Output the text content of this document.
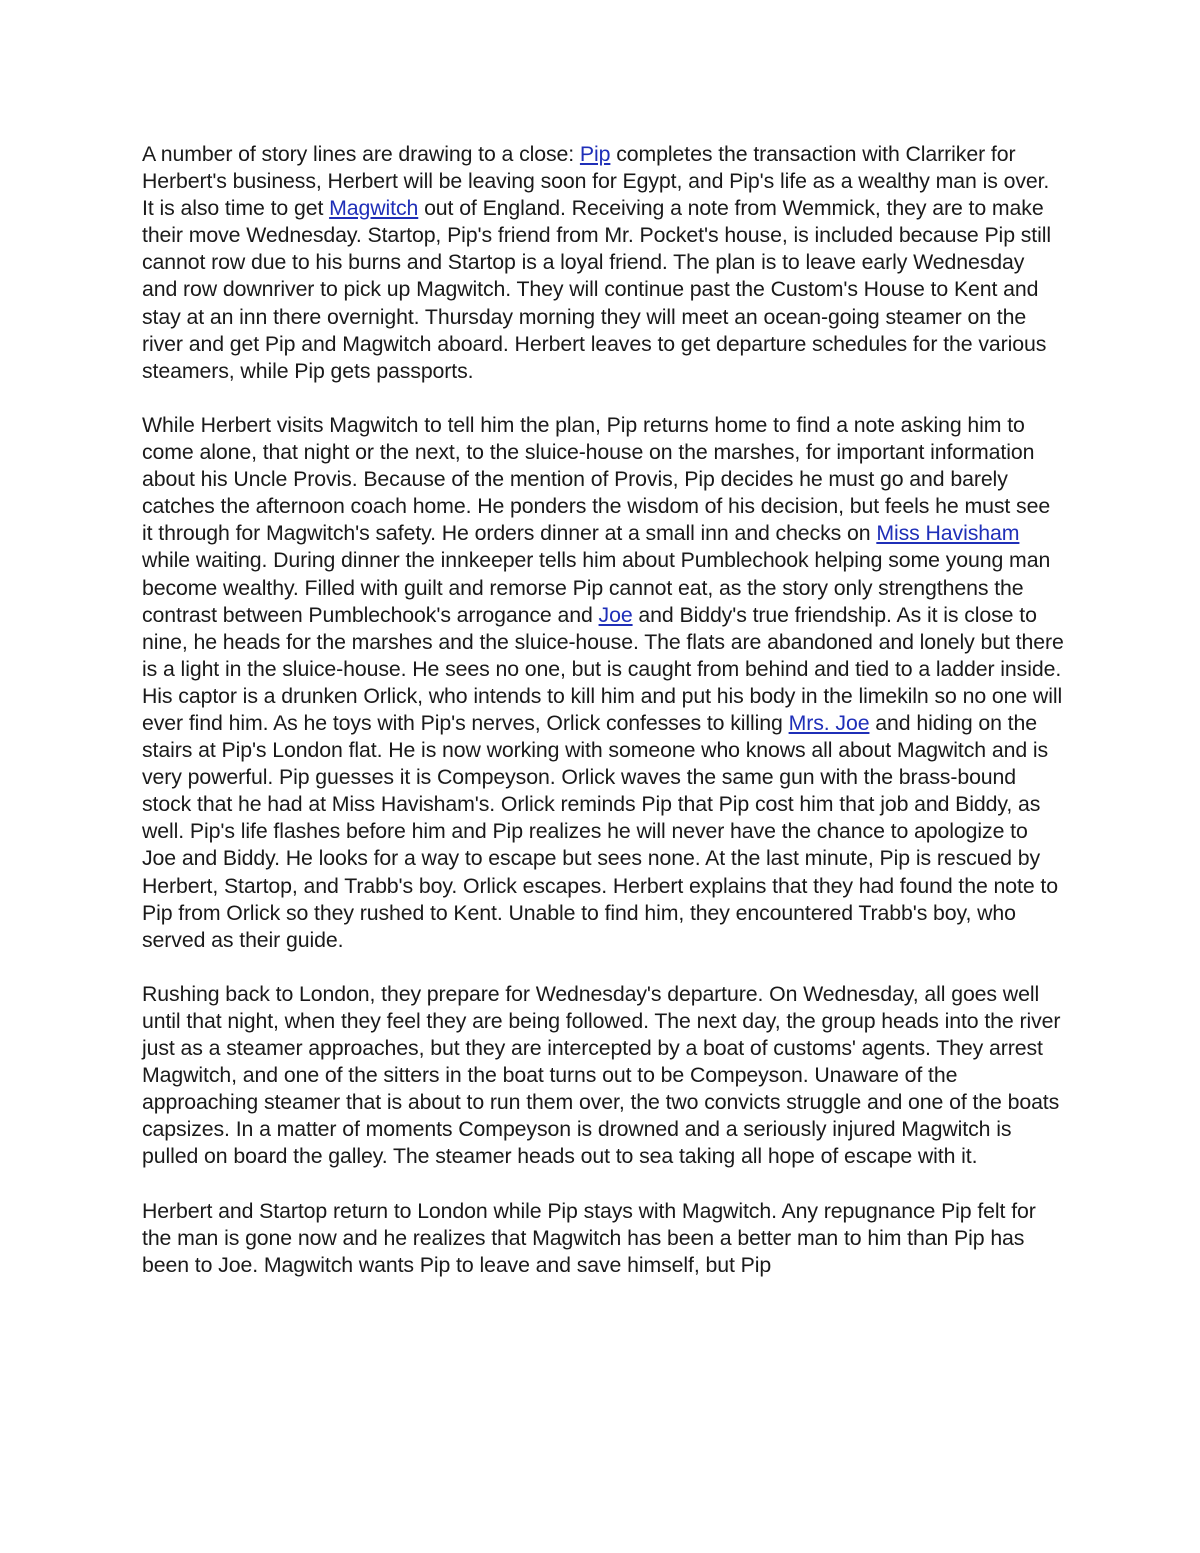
A number of story lines are drawing to a close: Pip completes the transaction with Clarriker for Herbert's business, Herbert will be leaving soon for Egypt, and Pip's life as a wealthy man is over. It is also time to get Magwitch out of England. Receiving a note from Wemmick, they are to make their move Wednesday. Startop, Pip's friend from Mr. Pocket's house, is included because Pip still cannot row due to his burns and Startop is a loyal friend. The plan is to leave early Wednesday and row downriver to pick up Magwitch. They will continue past the Custom's House to Kent and stay at an inn there overnight. Thursday morning they will meet an ocean-going steamer on the river and get Pip and Magwitch aboard. Herbert leaves to get departure schedules for the various steamers, while Pip gets passports.

While Herbert visits Magwitch to tell him the plan, Pip returns home to find a note asking him to come alone, that night or the next, to the sluice-house on the marshes, for important information about his Uncle Provis. Because of the mention of Provis, Pip decides he must go and barely catches the afternoon coach home. He ponders the wisdom of his decision, but feels he must see it through for Magwitch's safety. He orders dinner at a small inn and checks on Miss Havisham while waiting. During dinner the innkeeper tells him about Pumblechook helping some young man become wealthy. Filled with guilt and remorse Pip cannot eat, as the story only strengthens the contrast between Pumblechook's arrogance and Joe and Biddy's true friendship. As it is close to nine, he heads for the marshes and the sluice-house. The flats are abandoned and lonely but there is a light in the sluice-house. He sees no one, but is caught from behind and tied to a ladder inside. His captor is a drunken Orlick, who intends to kill him and put his body in the limekiln so no one will ever find him. As he toys with Pip's nerves, Orlick confesses to killing Mrs. Joe and hiding on the stairs at Pip's London flat. He is now working with someone who knows all about Magwitch and is very powerful. Pip guesses it is Compeyson. Orlick waves the same gun with the brass-bound stock that he had at Miss Havisham's. Orlick reminds Pip that Pip cost him that job and Biddy, as well. Pip's life flashes before him and Pip realizes he will never have the chance to apologize to Joe and Biddy. He looks for a way to escape but sees none. At the last minute, Pip is rescued by Herbert, Startop, and Trabb's boy. Orlick escapes. Herbert explains that they had found the note to Pip from Orlick so they rushed to Kent. Unable to find him, they encountered Trabb's boy, who served as their guide.

Rushing back to London, they prepare for Wednesday's departure. On Wednesday, all goes well until that night, when they feel they are being followed. The next day, the group heads into the river just as a steamer approaches, but they are intercepted by a boat of customs' agents. They arrest Magwitch, and one of the sitters in the boat turns out to be Compeyson. Unaware of the approaching steamer that is about to run them over, the two convicts struggle and one of the boats capsizes. In a matter of moments Compeyson is drowned and a seriously injured Magwitch is pulled on board the galley. The steamer heads out to sea taking all hope of escape with it.

Herbert and Startop return to London while Pip stays with Magwitch. Any repugnance Pip felt for the man is gone now and he realizes that Magwitch has been a better man to him than Pip has been to Joe. Magwitch wants Pip to leave and save himself, but Pip
